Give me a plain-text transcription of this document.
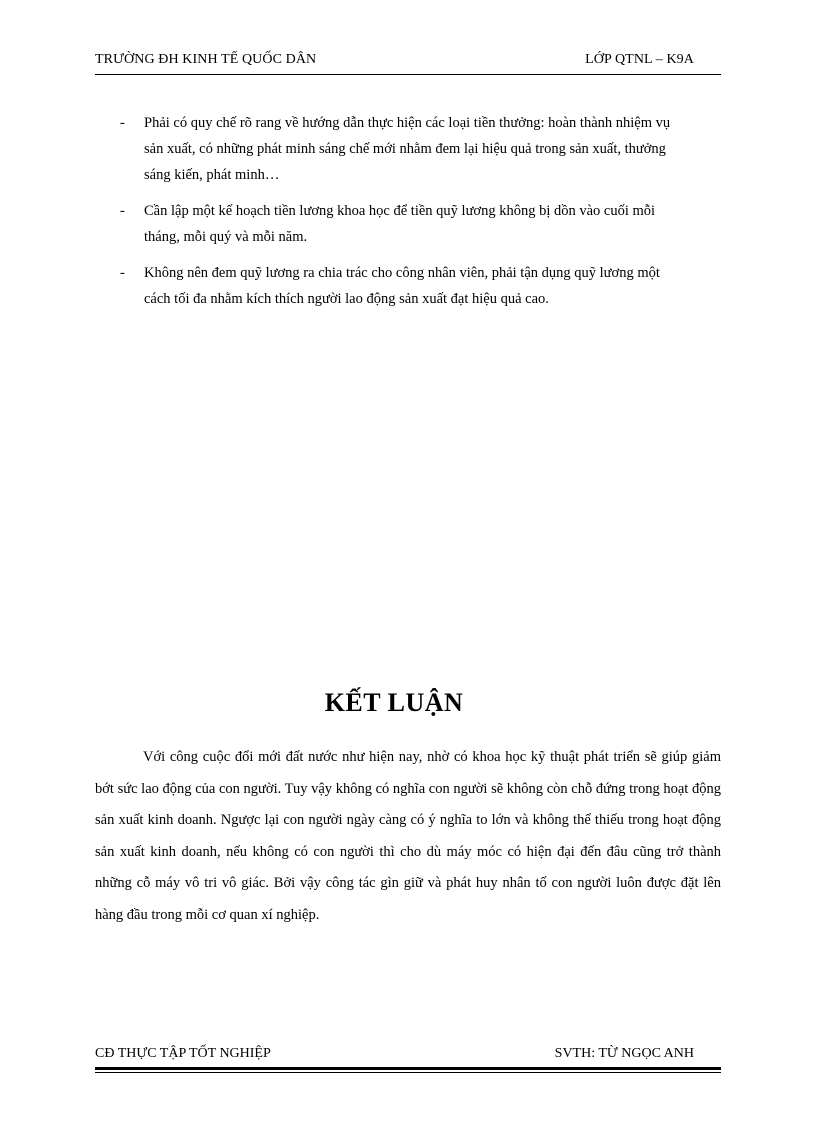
TRƯỜNG ĐH KINH TẾ QUỐC DÂN	LỚP QTNL – K9A
- Phải có quy chế rõ rang về hướng dẫn thực hiện các loại tiền thưởng: hoàn thành nhiệm vụ sản xuất, có những phát minh sáng chế mới nhằm đem lại hiệu quả trong sản xuất, thưởng sáng kiến, phát minh…
- Cần lập một kế hoạch tiền lương khoa học để tiền quỹ lương không bị dồn vào cuối mỗi tháng, mỗi quý và mỗi năm.
- Không nên đem quỹ lương ra chia trác cho công nhân viên, phải tận dụng quỹ lương một cách tối đa nhằm kích thích người lao động sản xuất đạt hiệu quả cao.
KẾT LUẬN

Với công cuộc đổi mới đất nước như hiện nay, nhờ có khoa học kỹ thuật phát triển sẽ giúp giảm bớt sức lao động của con người. Tuy vậy không có nghĩa con người sẽ không còn chỗ đứng trong hoạt động sản xuất kinh doanh. Ngược lại con người ngày càng có ý nghĩa to lớn và không thể thiếu trong hoạt động sản xuất kinh doanh, nếu không có con người thì cho dù máy móc có hiện đại đến đâu cũng trở thành những cỗ máy vô tri vô giác. Bởi vậy công tác gìn giữ và phát huy nhân tố con người luôn được đặt lên hàng đầu trong mỗi cơ quan xí nghiệp.

CĐ THỰC TẬP TỐT NGHIỆP	SVTH: TỪ NGỌC ANH
